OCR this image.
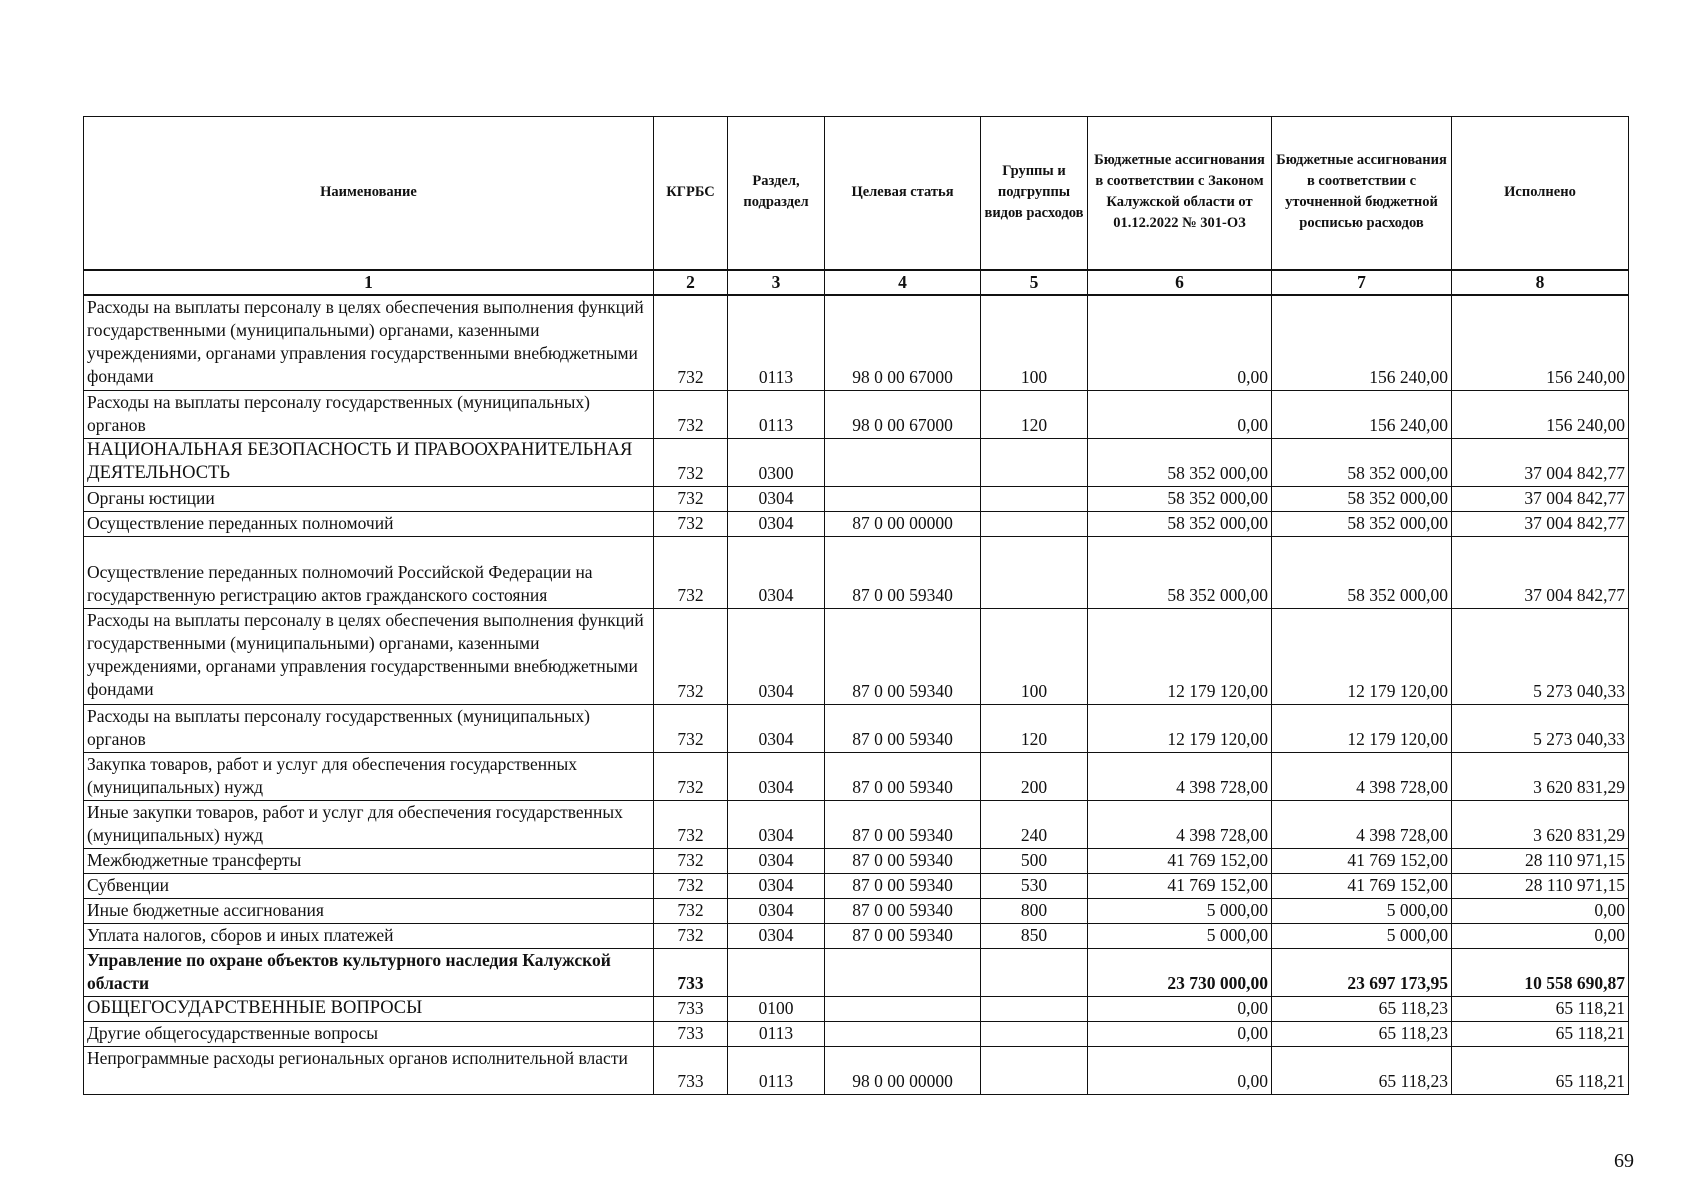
Наименование	КГРБС	Раздел, подраздел	Целевая статья	Группы и подгруппы видов расходов	Бюджетные ассигнования в соответствии с Законом Калужской области от 01.12.2022 № 301-ОЗ	Бюджетные ассигнования в соответствии с уточненной бюджетной росписью расходов	Исполнено
1	2	3	4	5	6	7	8
Расходы на выплаты персоналу в целях обеспечения выполнения функций государственными (муниципальными) органами, казенными учреждениями, органами управления государственными внебюджетными фондами	732	0113	98 0 00 67000	100	0,00	156 240,00	156 240,00
Расходы на выплаты персоналу государственных (муниципальных) органов	732	0113	98 0 00 67000	120	0,00	156 240,00	156 240,00
НАЦИОНАЛЬНАЯ БЕЗОПАСНОСТЬ И ПРАВООХРАНИТЕЛЬНАЯ ДЕЯТЕЛЬНОСТЬ	732	0300			58 352 000,00	58 352 000,00	37 004 842,77
Органы юстиции	732	0304			58 352 000,00	58 352 000,00	37 004 842,77
Осуществление переданных полномочий	732	0304	87 0 00 00000		58 352 000,00	58 352 000,00	37 004 842,77
Осуществление переданных полномочий Российской Федерации на государственную регистрацию актов гражданского состояния	732	0304	87 0 00 59340		58 352 000,00	58 352 000,00	37 004 842,77
Расходы на выплаты персоналу в целях обеспечения выполнения функций государственными (муниципальными) органами, казенными учреждениями, органами управления государственными внебюджетными фондами	732	0304	87 0 00 59340	100	12 179 120,00	12 179 120,00	5 273 040,33
Расходы на выплаты персоналу государственных (муниципальных) органов	732	0304	87 0 00 59340	120	12 179 120,00	12 179 120,00	5 273 040,33
Закупка товаров, работ и услуг для обеспечения государственных (муниципальных) нужд	732	0304	87 0 00 59340	200	4 398 728,00	4 398 728,00	3 620 831,29
Иные закупки товаров, работ и услуг для обеспечения государственных (муниципальных) нужд	732	0304	87 0 00 59340	240	4 398 728,00	4 398 728,00	3 620 831,29
Межбюджетные трансферты	732	0304	87 0 00 59340	500	41 769 152,00	41 769 152,00	28 110 971,15
Субвенции	732	0304	87 0 00 59340	530	41 769 152,00	41 769 152,00	28 110 971,15
Иные бюджетные ассигнования	732	0304	87 0 00 59340	800	5 000,00	5 000,00	0,00
Уплата налогов, сборов и иных платежей	732	0304	87 0 00 59340	850	5 000,00	5 000,00	0,00
Управление по охране объектов культурного наследия Калужской области	733				23 730 000,00	23 697 173,95	10 558 690,87
ОБЩЕГОСУДАРСТВЕННЫЕ ВОПРОСЫ	733	0100			0,00	65 118,23	65 118,21
Другие общегосударственные вопросы	733	0113			0,00	65 118,23	65 118,21
Непрограммные расходы региональных органов исполнительной власти	733	0113	98 0 00 00000		0,00	65 118,23	65 118,21
69
